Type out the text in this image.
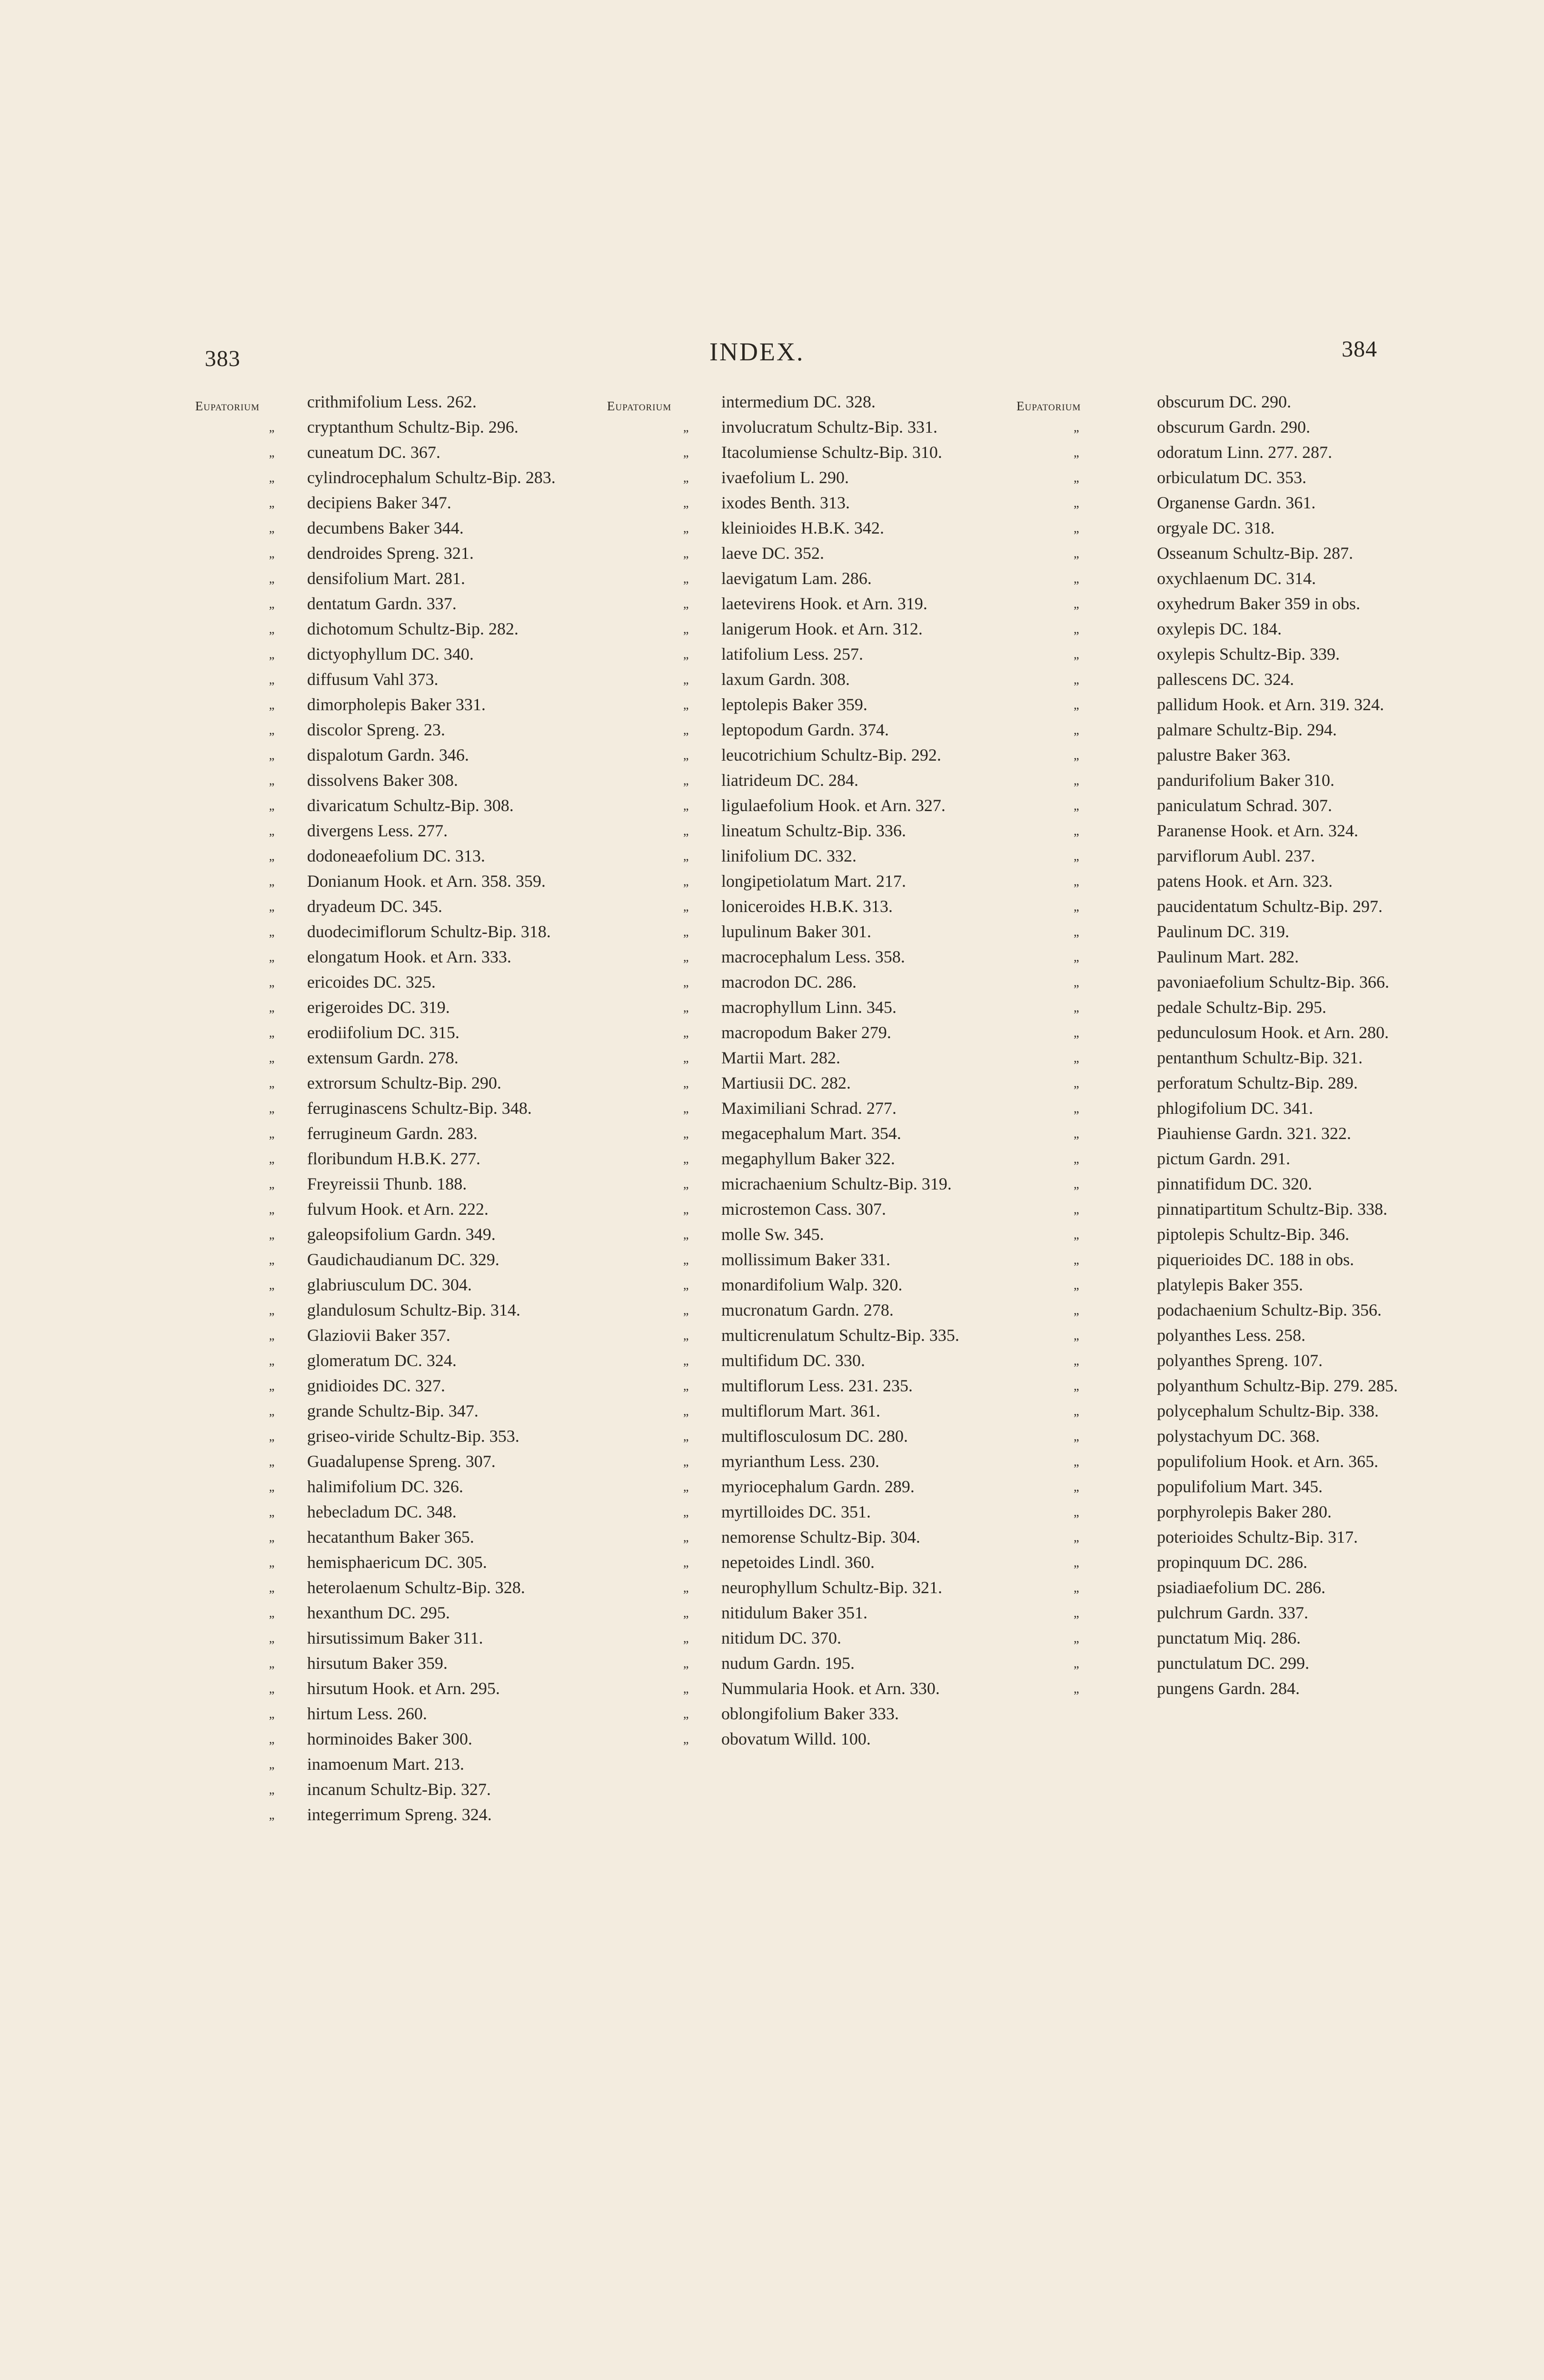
383	INDEX.	384
Eupatorium	crithmifolium Less. 262.
„ cryptanthum Schultz-Bip. 296.
„ cuneatum DC. 367.
„ cylindrocephalum Schultz-Bip. 283.
„ decipiens Baker 347.
„ decumbens Baker 344.
„ dendroides Spreng. 321.
„ densifolium Mart. 281.
„ dentatum Gardn. 337.
„ dichotomum Schultz-Bip. 282.
„ dictyophyllum DC. 340.
„ diffusum Vahl 373.
„ dimorpholepis Baker 331.
„ discolor Spreng. 23.
„ dispalotum Gardn. 346.
„ dissolvens Baker 308.
„ divaricatum Schultz-Bip. 308.
„ divergens Less. 277.
„ dodoneaefolium DC. 313.
„ Donianum Hook. et Arn. 358. 359.
„ dryadeum DC. 345.
„ duodecimiflorum Schultz-Bip. 318.
„ elongatum Hook. et Arn. 333.
„ ericoides DC. 325.
„ erigeroides DC. 319.
„ erodiifolium DC. 315.
„ extensum Gardn. 278.
„ extrorsum Schultz-Bip. 290.
„ ferruginascens Schultz-Bip. 348.
„ ferrugineum Gardn. 283.
„ floribundum H.B.K. 277.
„ Freyreissii Thunb. 188.
„ fulvum Hook. et Arn. 222.
„ galeopsifolium Gardn. 349.
„ Gaudichaudianum DC. 329.
„ glabriusculum DC. 304.
„ glandulosum Schultz-Bip. 314.
„ Glaziovii Baker 357.
„ glomeratum DC. 324.
„ gnidioides DC. 327.
„ grande Schultz-Bip. 347.
„ griseo-viride Schultz-Bip. 353.
„ Guadalupense Spreng. 307.
„ halimifolium DC. 326.
„ hebecladum DC. 348.
„ hecatanthum Baker 365.
„ hemisphaericum DC. 305.
„ heterolaenum Schultz-Bip. 328.
„ hexanthum DC. 295.
„ hirsutissimum Baker 311.
„ hirsutum Baker 359.
„ hirsutum Hook. et Arn. 295.
„ hirtum Less. 260.
„ horminoides Baker 300.
„ inamoenum Mart. 213.
„ incanum Schultz-Bip. 327.
„ integerrimum Spreng. 324.
Eupatorium	intermedium DC. 328.
„ involucratum Schultz-Bip. 331.
„ Itacolumiense Schultz-Bip. 310.
„ ivaefolium L. 290.
„ ixodes Benth. 313.
„ kleinioides H.B.K. 342.
„ laeve DC. 352.
„ laevigatum Lam. 286.
„ laetevirens Hook. et Arn. 319.
„ lanigerum Hook. et Arn. 312.
„ latifolium Less. 257.
„ laxum Gardn. 308.
„ leptolepis Baker 359.
„ leptopodum Gardn. 374.
„ leucotrichium Schultz-Bip. 292.
„ liatrideum DC. 284.
„ ligulaefolium Hook. et Arn. 327.
„ lineatum Schultz-Bip. 336.
„ linifolium DC. 332.
„ longipetiolatum Mart. 217.
„ loniceroides H.B.K. 313.
„ lupulinum Baker 301.
„ macrocephalum Less. 358.
„ macrodon DC. 286.
„ macrophyllum Linn. 345.
„ macropodum Baker 279.
„ Martii Mart. 282.
„ Martiusii DC. 282.
„ Maximiliani Schrad. 277.
„ megacephalum Mart. 354.
„ megaphyllum Baker 322.
„ micrachaenium Schultz-Bip. 319.
„ microstemon Cass. 307.
„ molle Sw. 345.
„ mollissimum Baker 331.
„ monardifolium Walp. 320.
„ mucronatum Gardn. 278.
„ multicrenulatum Schultz-Bip. 335.
„ multifidum DC. 330.
„ multiflorum Less. 231. 235.
„ multiflorum Mart. 361.
„ multiflosculosum DC. 280.
„ myrianthum Less. 230.
„ myriocephalum Gardn. 289.
„ myrtilloides DC. 351.
„ nemorense Schultz-Bip. 304.
„ nepetoides Lindl. 360.
„ neurophyllum Schultz-Bip. 321.
„ nitidulum Baker 351.
„ nitidum DC. 370.
„ nudum Gardn. 195.
„ Nummularia Hook. et Arn. 330.
„ oblongifolium Baker 333.
„ obovatum Willd. 100.
Eupatorium	obscurum DC. 290.
„	obscurum Gardn. 290.
„	odoratum Linn. 277. 287.
„	orbiculatum DC. 353.
„	Organense Gardn. 361.
„	orgyale DC. 318.
„	Osseanum Schultz-Bip. 287.
„	oxychlaenum DC. 314.
„	oxyhedrum Baker 359 in obs.
„	oxylepis DC. 184.
„	oxylepis Schultz-Bip. 339.
„	pallescens DC. 324.
„	pallidum Hook. et Arn. 319. 324.
„	palmare Schultz-Bip. 294.
„	palustre Baker 363.
„	pandurifolium Baker 310.
„	paniculatum Schrad. 307.
„	Paranense Hook. et Arn. 324.
„	parviflorum Aubl. 237.
„	patens Hook. et Arn. 323.
„	paucidentatum Schultz-Bip. 297.
„	Paulinum DC. 319.
„	Paulinum Mart. 282.
„	pavoniaefolium Schultz-Bip. 366.
„	pedale Schultz-Bip. 295.
„	pedunculosum Hook. et Arn. 280.
„	pentanthum Schultz-Bip. 321.
„	perforatum Schultz-Bip. 289.
„	phlogifolium DC. 341.
„	Piauhiense Gardn. 321. 322.
„	pictum Gardn. 291.
„	pinnatifidum DC. 320.
„	pinnatipartitum Schultz-Bip. 338.
„	piptolepis Schultz-Bip. 346.
„	piquerioides DC. 188 in obs.
„	platylepis Baker 355.
„	podachaenium Schultz-Bip. 356.
„	polyanthes Less. 258.
„	polyanthes Spreng. 107.
„	polyanthum Schultz-Bip. 279. 285.
„	polycephalum Schultz-Bip. 338.
„	polystachyum DC. 368.
„	populifolium Hook. et Arn. 365.
„	populifolium Mart. 345.
„	porphyrolepis Baker 280.
„	poterioides Schultz-Bip. 317.
„	propinquum DC. 286.
„	psiadiaefolium DC. 286.
„	pulchrum Gardn. 337.
„	punctatum Miq. 286.
„	punctulatum DC. 299.
„	pungens Gardn. 284.
